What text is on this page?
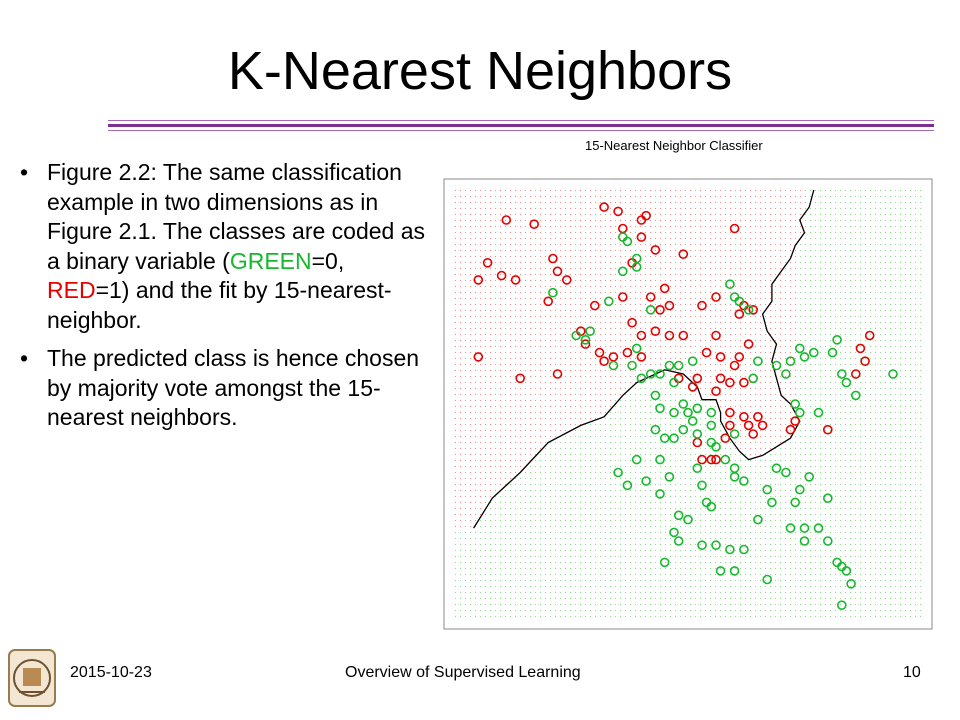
K-Nearest Neighbors
• Figure 2.2: The same classification example in two dimensions as in Figure 2.1. The classes are coded as a binary variable (GREEN=0, RED=1) and the fit by 15-nearest-neighbor.
• The predicted class is hence chosen by majority vote amongst the 15-nearest neighbors.
15-Nearest Neighbor Classifier
2015-10-23	Overview of Supervised Learning	10
